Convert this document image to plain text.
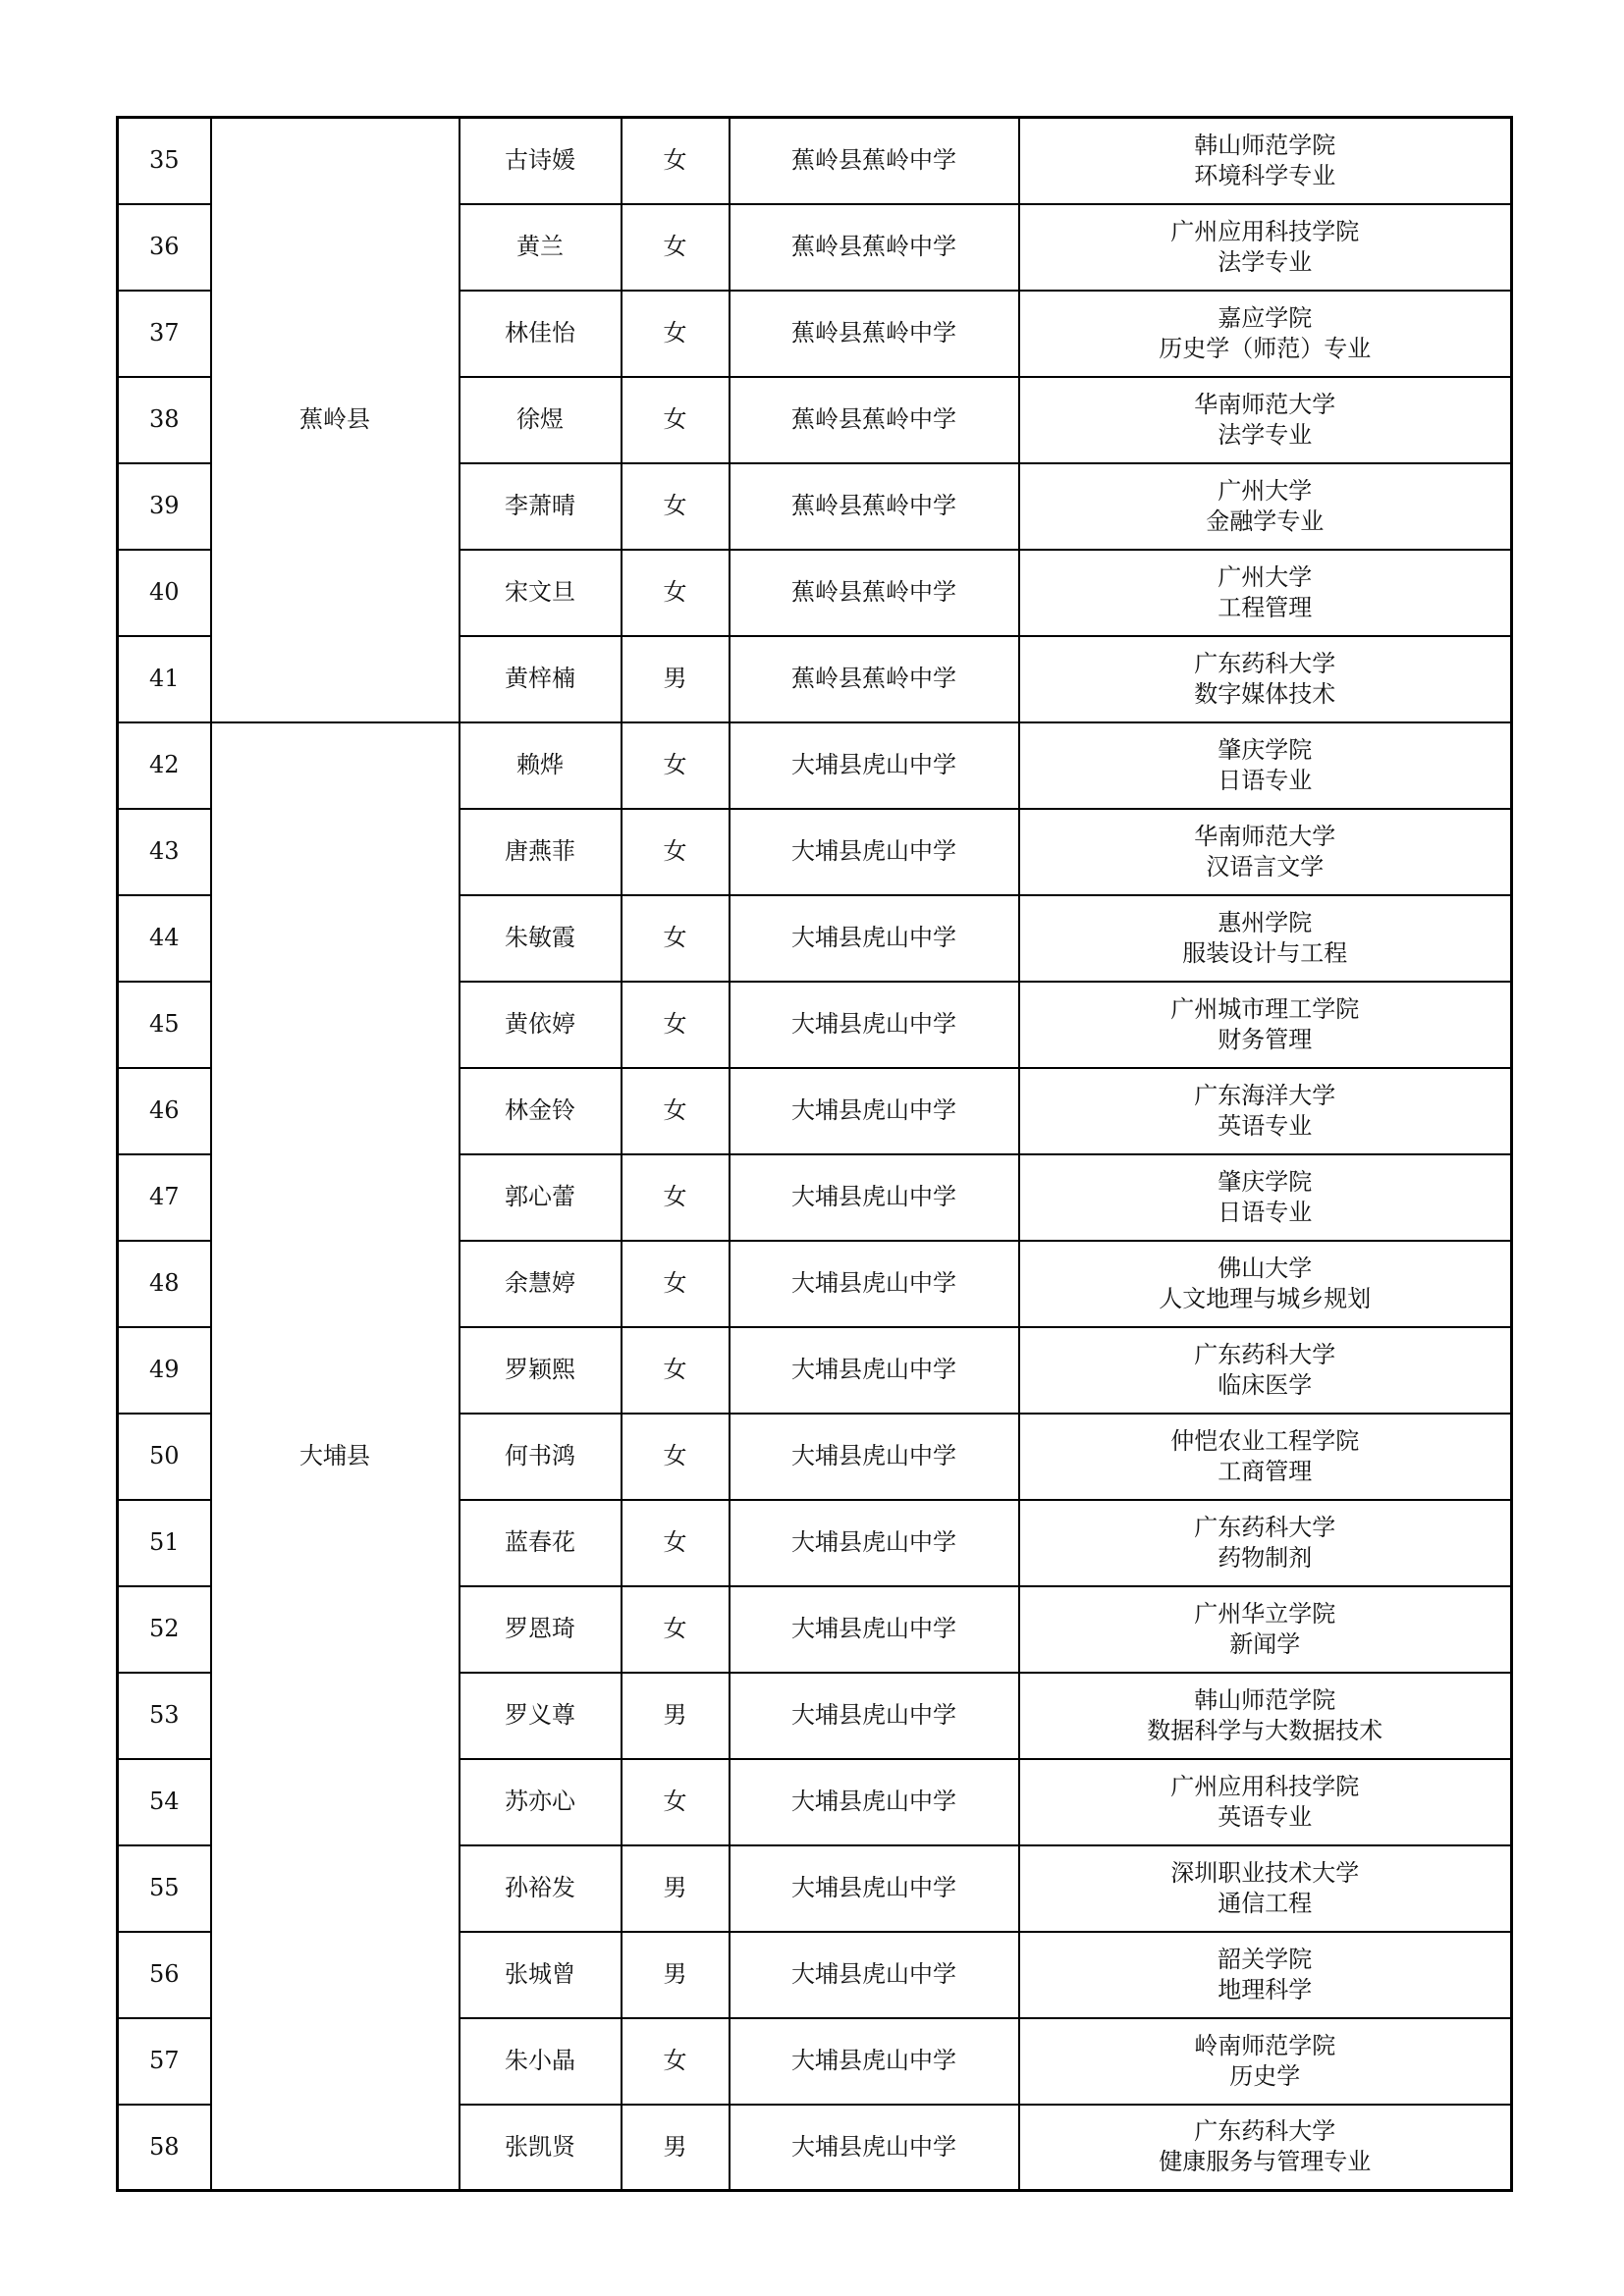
35	蕉岭县	古诗媛	女	蕉岭县蕉岭中学	韩山师范学院
环境科学专业

36		黄兰	女	蕉岭县蕉岭中学	广州应用科技学院
法学专业

37		林佳怡	女	蕉岭县蕉岭中学	嘉应学院
历史学（师范）专业

38		徐煜	女	蕉岭县蕉岭中学	华南师范大学
法学专业

39		李萧晴	女	蕉岭县蕉岭中学	广州大学
金融学专业

40		宋文旦	女	蕉岭县蕉岭中学	广州大学
工程管理

41		黄梓楠	男	蕉岭县蕉岭中学	广东药科大学
数字媒体技术

42	大埔县	赖烨	女	大埔县虎山中学	肇庆学院
日语专业

43		唐燕菲	女	大埔县虎山中学	华南师范大学
汉语言文学

44		朱敏霞	女	大埔县虎山中学	惠州学院
服装设计与工程

45		黄依婷	女	大埔县虎山中学	广州城市理工学院
财务管理

46		林金铃	女	大埔县虎山中学	广东海洋大学
英语专业

47		郭心蕾	女	大埔县虎山中学	肇庆学院
日语专业

48		余慧婷	女	大埔县虎山中学	佛山大学
人文地理与城乡规划

49		罗颖熙	女	大埔县虎山中学	广东药科大学
临床医学

50		何书鸿	女	大埔县虎山中学	仲恺农业工程学院
工商管理

51		蓝春花	女	大埔县虎山中学	广东药科大学
药物制剂

52		罗恩琦	女	大埔县虎山中学	广州华立学院
新闻学

53		罗义尊	男	大埔县虎山中学	韩山师范学院
数据科学与大数据技术

54		苏亦心	女	大埔县虎山中学	广州应用科技学院
英语专业

55		孙裕发	男	大埔县虎山中学	深圳职业技术大学
通信工程

56		张城曾	男	大埔县虎山中学	韶关学院
地理科学

57		朱小晶	女	大埔县虎山中学	岭南师范学院
历史学

58		张凯贤	男	大埔县虎山中学	广东药科大学
健康服务与管理专业
